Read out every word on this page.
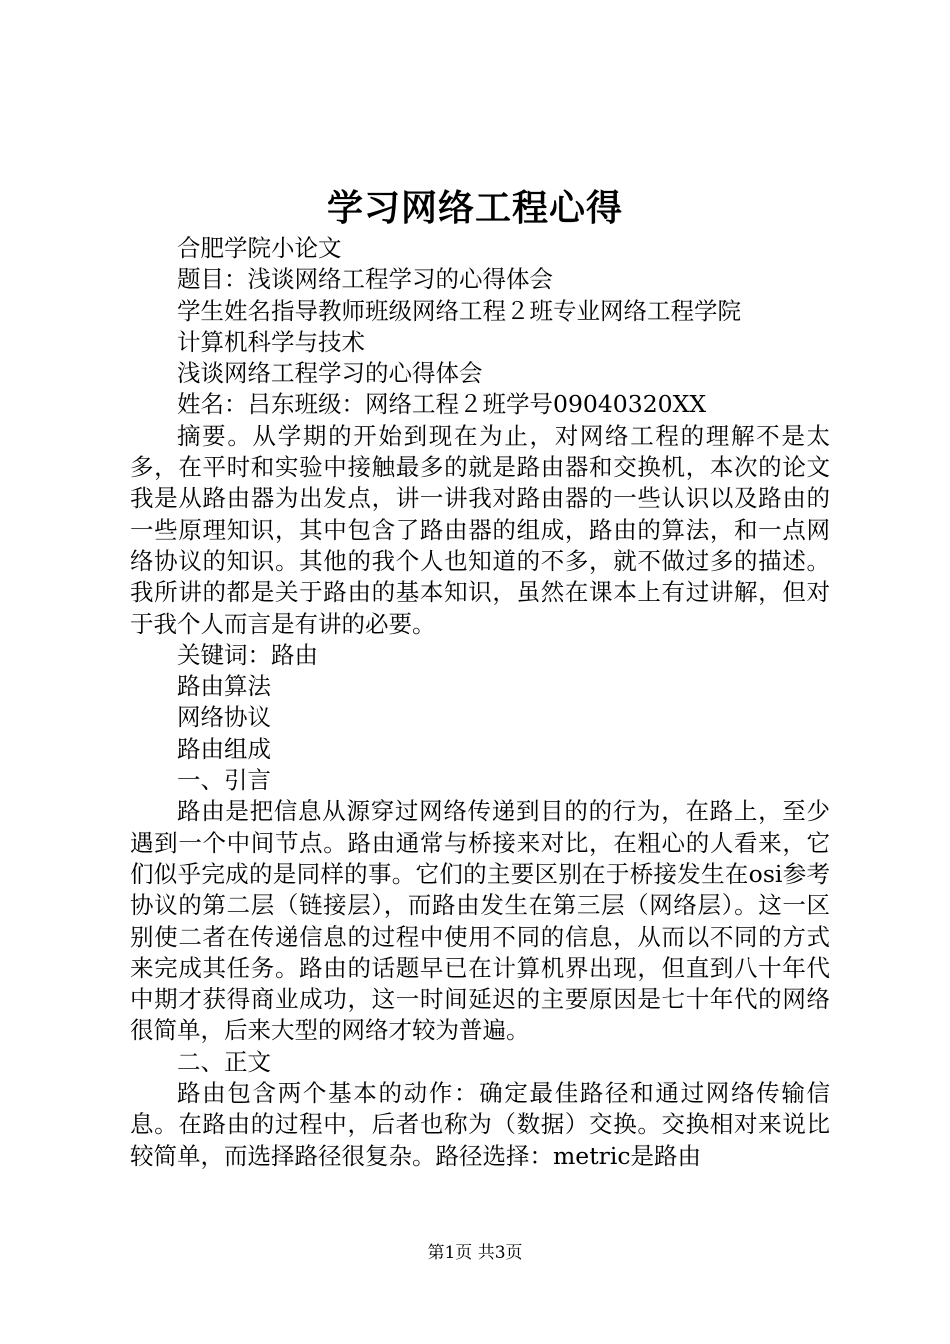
学习网络工程心得

合肥学院小论文

题目：浅谈网络工程学习的心得体会

学生姓名指导教师班级网络工程２班专业网络工程学院

计算机科学与技术

浅谈网络工程学习的心得体会

姓名：吕东班级：网络工程２班学号09040320XX

摘要。从学期的开始到现在为止，对网络工程的理解不是太多，在平时和实验中接触最多的就是路由器和交换机，本次的论文我是从路由器为出发点，讲一讲我对路由器的一些认识以及路由的一些原理知识，其中包含了路由器的组成，路由的算法，和一点网络协议的知识。其他的我个人也知道的不多，就不做过多的描述。我所讲的都是关于路由的基本知识，虽然在课本上有过讲解，但对于我个人而言是有讲的必要。

关键词：路由

路由算法

网络协议

路由组成

一、引言

路由是把信息从源穿过网络传递到目的的行为，在路上，至少遇到一个中间节点。路由通常与桥接来对比，在粗心的人看来，它们似乎完成的是同样的事。它们的主要区别在于桥接发生在osi参考协议的第二层（链接层），而路由发生在第三层（网络层）。这一区别使二者在传递信息的过程中使用不同的信息，从而以不同的方式来完成其任务。路由的话题早已在计算机界出现，但直到八十年代中期才获得商业成功，这一时间延迟的主要原因是七十年代的网络很简单，后来大型的网络才较为普遍。

二、正文

路由包含两个基本的动作：确定最佳路径和通过网络传输信息。在路由的过程中，后者也称为（数据）交换。交换相对来说比较简单，而选择路径很复杂。路径选择：metric是路由

第1页 共3页
